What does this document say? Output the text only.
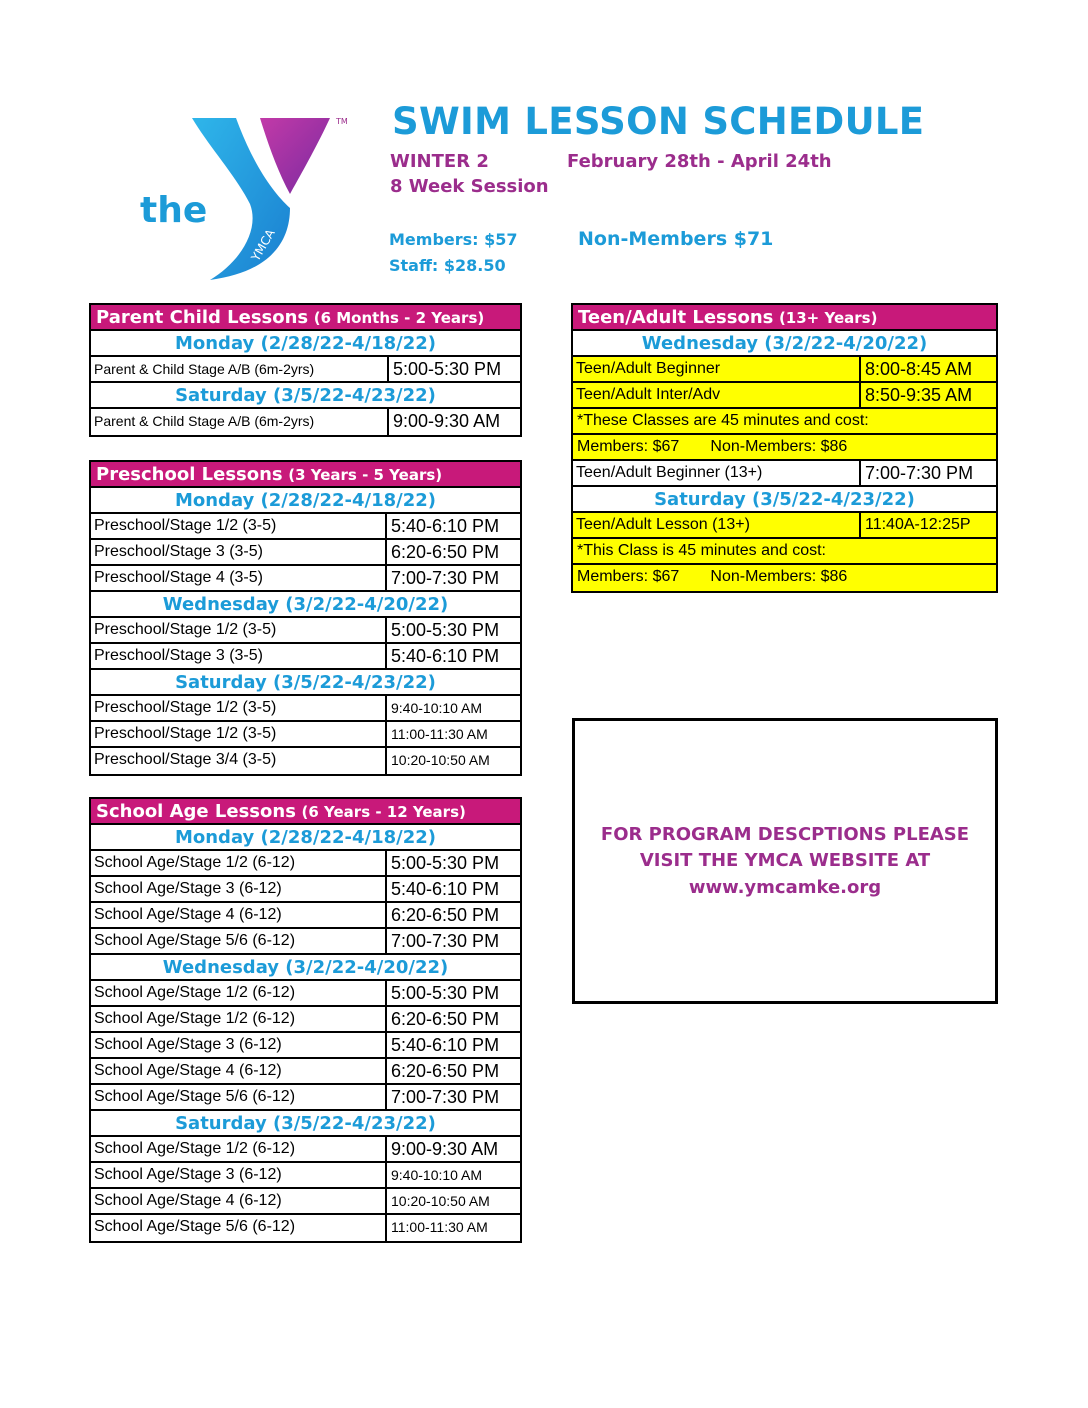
the
YMCA
TM SWIM LESSON SCHEDULE
WINTER 2	February 28th - April 24th
8 Week Session
Members: $57	Non-Members $71
Staff: $28.50
Parent Child Lessons (6 Months - 2 Years)
Monday (2/28/22-4/18/22)
Parent & Child Stage A/B (6m-2yrs)	5:00-5:30 PM
Saturday (3/5/22-4/23/22)
Parent & Child Stage A/B (6m-2yrs)	9:00-9:30 AM
Preschool Lessons (3 Years - 5 Years)
Monday (2/28/22-4/18/22)
Preschool/Stage 1/2 (3-5)	5:40-6:10 PM
Preschool/Stage 3 (3-5)	6:20-6:50 PM
Preschool/Stage 4 (3-5)	7:00-7:30 PM
Wednesday (3/2/22-4/20/22)
Preschool/Stage 1/2 (3-5)	5:00-5:30 PM
Preschool/Stage 3 (3-5)	5:40-6:10 PM
Saturday (3/5/22-4/23/22)
Preschool/Stage 1/2 (3-5)	9:40-10:10 AM
Preschool/Stage 1/2 (3-5)	11:00-11:30 AM
Preschool/Stage 3/4 (3-5)	10:20-10:50 AM
School Age Lessons (6 Years - 12 Years)
Monday (2/28/22-4/18/22)
School Age/Stage 1/2 (6-12)	5:00-5:30 PM
School Age/Stage 3 (6-12)	5:40-6:10 PM
School Age/Stage 4 (6-12)	6:20-6:50 PM
School Age/Stage 5/6 (6-12)	7:00-7:30 PM
Wednesday (3/2/22-4/20/22)
School Age/Stage 1/2 (6-12)	5:00-5:30 PM
School Age/Stage 1/2 (6-12)	6:20-6:50 PM
School Age/Stage 3 (6-12)	5:40-6:10 PM
School Age/Stage 4 (6-12)	6:20-6:50 PM
School Age/Stage 5/6 (6-12)	7:00-7:30 PM
Saturday (3/5/22-4/23/22)
School Age/Stage 1/2 (6-12)	9:00-9:30 AM
School Age/Stage 3 (6-12)	9:40-10:10 AM
School Age/Stage 4 (6-12)	10:20-10:50 AM
School Age/Stage 5/6 (6-12)	11:00-11:30 AM
Teen/Adult Lessons (13+ Years)
Wednesday (3/2/22-4/20/22)
Teen/Adult Beginner	8:00-8:45 AM
Teen/Adult Inter/Adv	8:50-9:35 AM
*These Classes are 45 minutes and cost:
Members: $67       Non-Members: $86
Teen/Adult Beginner (13+)	7:00-7:30 PM
Saturday (3/5/22-4/23/22)
Teen/Adult Lesson (13+)	11:40A-12:25P
*This Class is 45 minutes and cost:
Members: $67       Non-Members: $86
FOR PROGRAM DESCPTIONS PLEASE
VISIT THE YMCA WEBSITE AT
www.ymcamke.org
